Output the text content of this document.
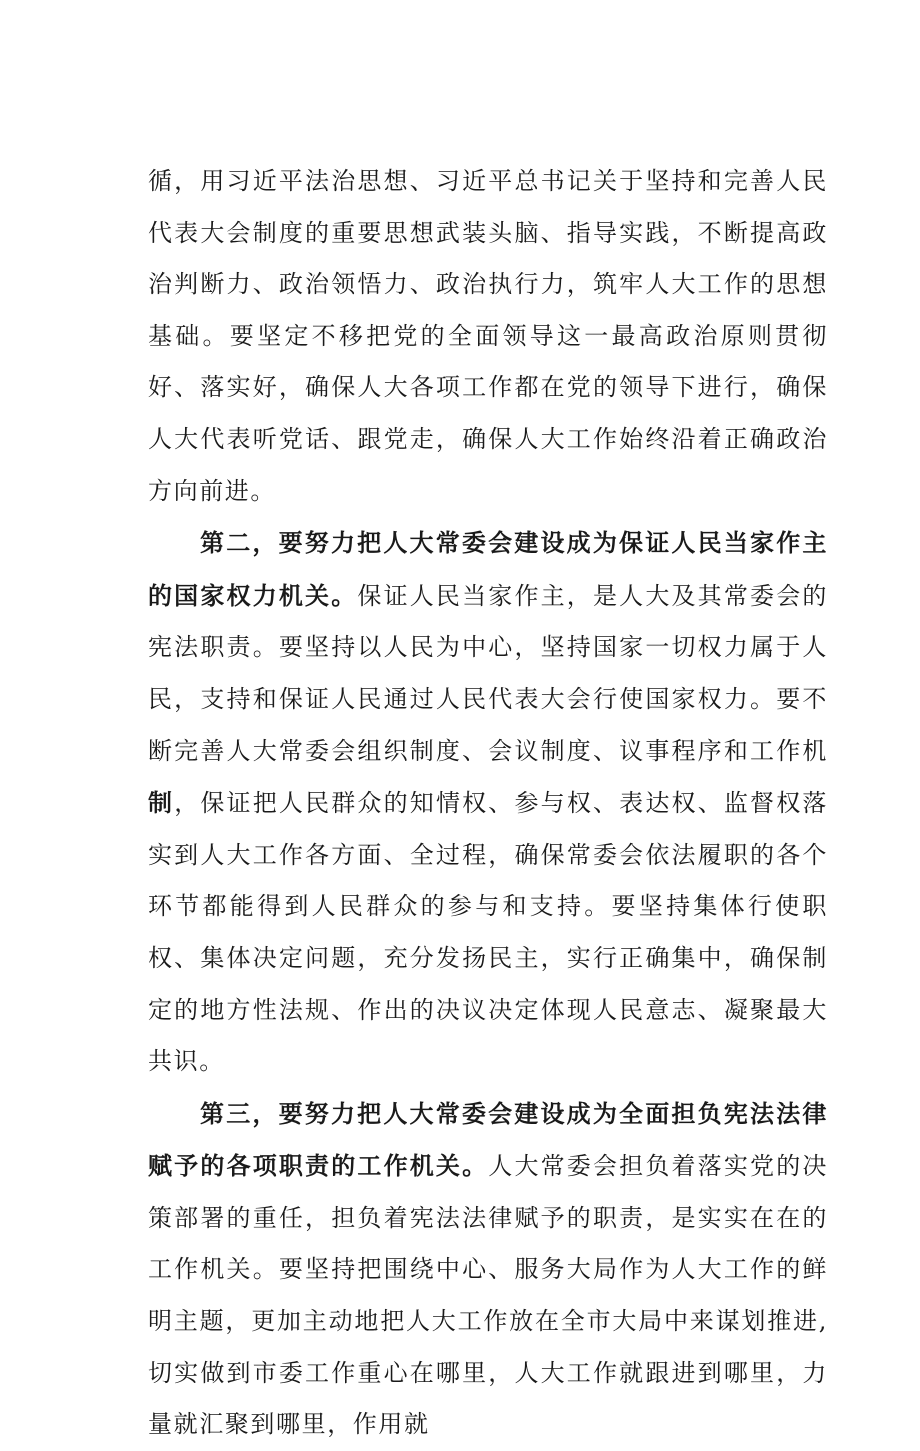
循，用习近平法治思想、习近平总书记关于坚持和完善人民代表大会制度的重要思想武装头脑、指导实践，不断提高政治判断力、政治领悟力、政治执行力，筑牢人大工作的思想基础。要坚定不移把党的全面领导这一最高政治原则贯彻好、落实好，确保人大各项工作都在党的领导下进行，确保人大代表听党话、跟党走，确保人大工作始终沿着正确政治方向前进。

第二，要努力把人大常委会建设成为保证人民当家作主的国家权力机关。保证人民当家作主，是人大及其常委会的宪法职责。要坚持以人民为中心，坚持国家一切权力属于人民，支持和保证人民通过人民代表大会行使国家权力。要不断完善人大常委会组织制度、会议制度、议事程序和工作机制，保证把人民群众的知情权、参与权、表达权、监督权落实到人大工作各方面、全过程，确保常委会依法履职的各个环节都能得到人民群众的参与和支持。要坚持集体行使职权、集体决定问题，充分发扬民主，实行正确集中，确保制定的地方性法规、作出的决议决定体现人民意志、凝聚最大共识。

第三，要努力把人大常委会建设成为全面担负宪法法律赋予的各项职责的工作机关。人大常委会担负着落实党的决策部署的重任，担负着宪法法律赋予的职责，是实实在在的工作机关。要坚持把围绕中心、服务大局作为人大工作的鲜明主题，更加主动地把人大工作放在全市大局中来谋划推进,切实做到市委工作重心在哪里，人大工作就跟进到哪里，力量就汇聚到哪里，作用就
